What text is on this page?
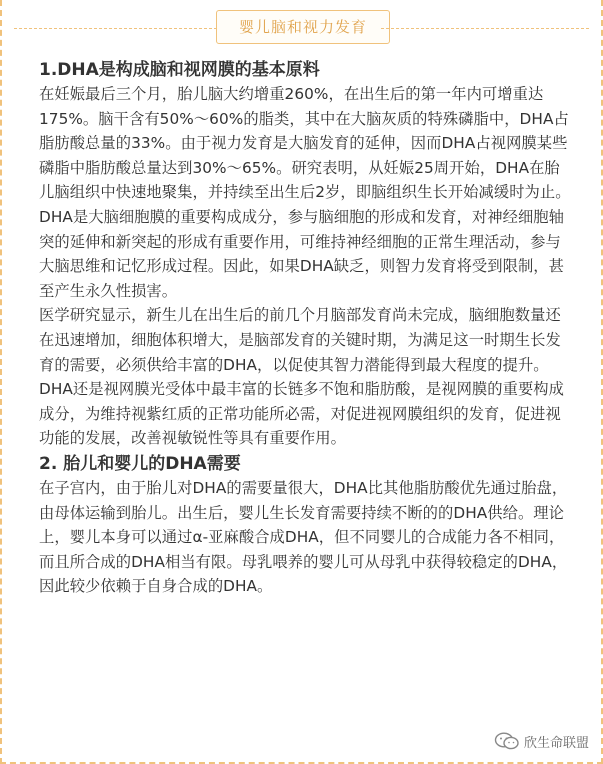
婴儿脑和视力发育

1.DHA是构成脑和视网膜的基本原料

在妊娠最后三个月，胎儿脑大约增重260%，在出生后的第一年内可增重达175%。脑干含有50%～60%的脂类，其中在大脑灰质的特殊磷脂中，DHA占脂肪酸总量的33%。由于视力发育是大脑发育的延伸，因而DHA占视网膜某些磷脂中脂肪酸总量达到30%～65%。研究表明，从妊娠25周开始，DHA在胎儿脑组织中快速地聚集，并持续至出生后2岁，即脑组织生长开始减缓时为止。DHA是大脑细胞膜的重要构成成分，参与脑细胞的形成和发育，对神经细胞轴突的延伸和新突起的形成有重要作用，可维持神经细胞的正常生理活动，参与大脑思维和记忆形成过程。因此，如果DHA缺乏，则智力发育将受到限制，甚至产生永久性损害。

医学研究显示，新生儿在出生后的前几个月脑部发育尚未完成，脑细胞数量还在迅速增加，细胞体积增大，是脑部发育的关键时期，为满足这一时期生长发育的需要，必须供给丰富的DHA，以促使其智力潜能得到最大程度的提升。DHA还是视网膜光受体中最丰富的长链多不饱和脂肪酸，是视网膜的重要构成成分，为维持视紫红质的正常功能所必需，对促进视网膜组织的发育，促进视功能的发展，改善视敏锐性等具有重要作用。

2. 胎儿和婴儿的DHA需要

在子宫内，由于胎儿对DHA的需要量很大，DHA比其他脂肪酸优先通过胎盘，由母体运输到胎儿。出生后，婴儿生长发育需要持续不断的的DHA供给。理论上，婴儿本身可以通过α-亚麻酸合成DHA，但不同婴儿的合成能力各不相同，而且所合成的DHA相当有限。母乳喂养的婴儿可从母乳中获得较稳定的DHA，因此较少依赖于自身合成的DHA。

欣生命联盟
